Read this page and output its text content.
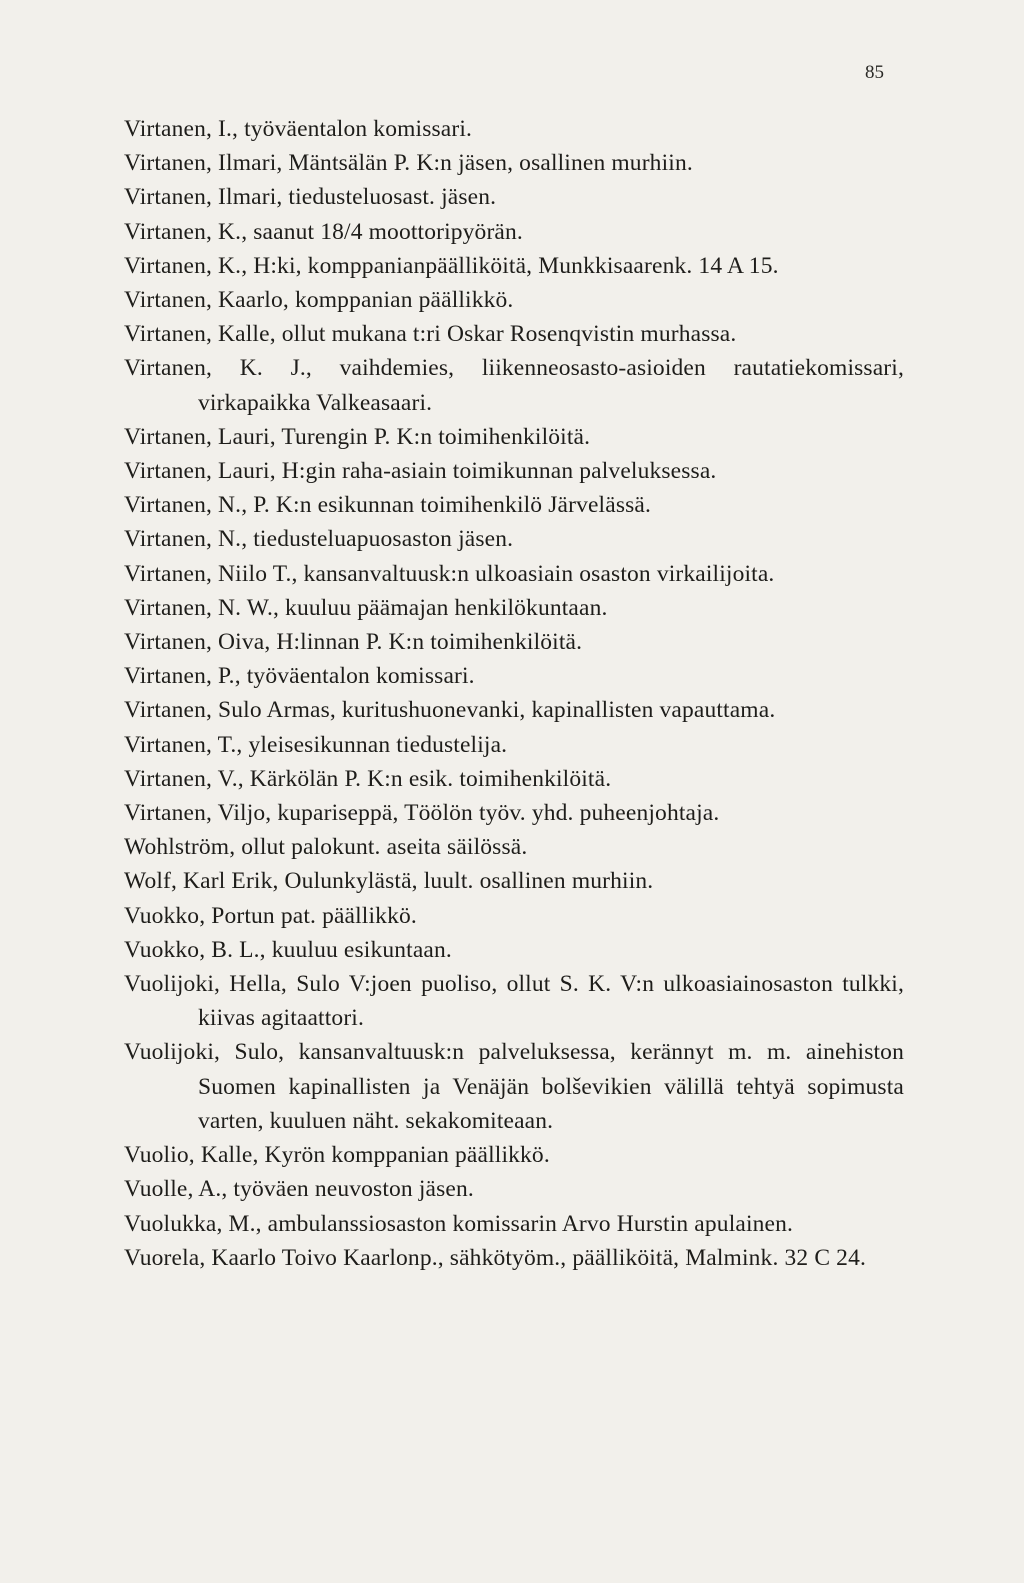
85
Virtanen, I., työväentalon komissari.
Virtanen, Ilmari, Mäntsälän P. K:n jäsen, osallinen murhiin.
Virtanen, Ilmari, tiedusteluosast. jäsen.
Virtanen, K., saanut 18/4 moottoripyörän.
Virtanen, K., H:ki, komppanianpäälliköitä, Munkkisaarenk. 14 A 15.
Virtanen, Kaarlo, komppanian päällikkö.
Virtanen, Kalle, ollut mukana t:ri Oskar Rosenqvistin murhassa.
Virtanen, K. J., vaihdemies, liikenneosasto-asioiden rautatiekomissari, virkapaikka Valkeasaari.
Virtanen, Lauri, Turengin P. K:n toimihenkilöitä.
Virtanen, Lauri, H:gin raha-asiain toimikunnan palveluksessa.
Virtanen, N., P. K:n esikunnan toimihenkilö Järvelässä.
Virtanen, N., tiedusteluapuosaston jäsen.
Virtanen, Niilo T., kansanvaltuusk:n ulkoasiain osaston virkailijoita.
Virtanen, N. W., kuuluu päämajan henkilökuntaan.
Virtanen, Oiva, H:linnan P. K:n toimihenkilöitä.
Virtanen, P., työväentalon komissari.
Virtanen, Sulo Armas, kuritushuonevanki, kapinallisten vapauttama.
Virtanen, T., yleisesikunnan tiedustelija.
Virtanen, V., Kärkölän P. K:n esik. toimihenkilöitä.
Virtanen, Viljo, kupariseppä, Töölön työv. yhd. puheenjohtaja.
Wohlström, ollut palokunt. aseita säilössä.
Wolf, Karl Erik, Oulunkylästä, luult. osallinen murhiin.
Vuokko, Portun pat. päällikkö.
Vuokko, B. L., kuuluu esikuntaan.
Vuolijoki, Hella, Sulo V:joen puoliso, ollut S. K. V:n ulkoasiainosaston tulkki, kiivas agitaattori.
Vuolijoki, Sulo, kansanvaltuusk:n palveluksessa, kerännyt m. m. ainehiston Suomen kapinallisten ja Venäjän bolševikien välillä tehtyä sopimusta varten, kuuluen näht. sekakomiteaan.
Vuolio, Kalle, Kyrön komppanian päällikkö.
Vuolle, A., työväen neuvoston jäsen.
Vuolukka, M., ambulanssiosaston komissarin Arvo Hurstin apulainen.
Vuorela, Kaarlo Toivo Kaarlonp., sähkötyöm., päälliköitä, Malmink. 32 C 24.
